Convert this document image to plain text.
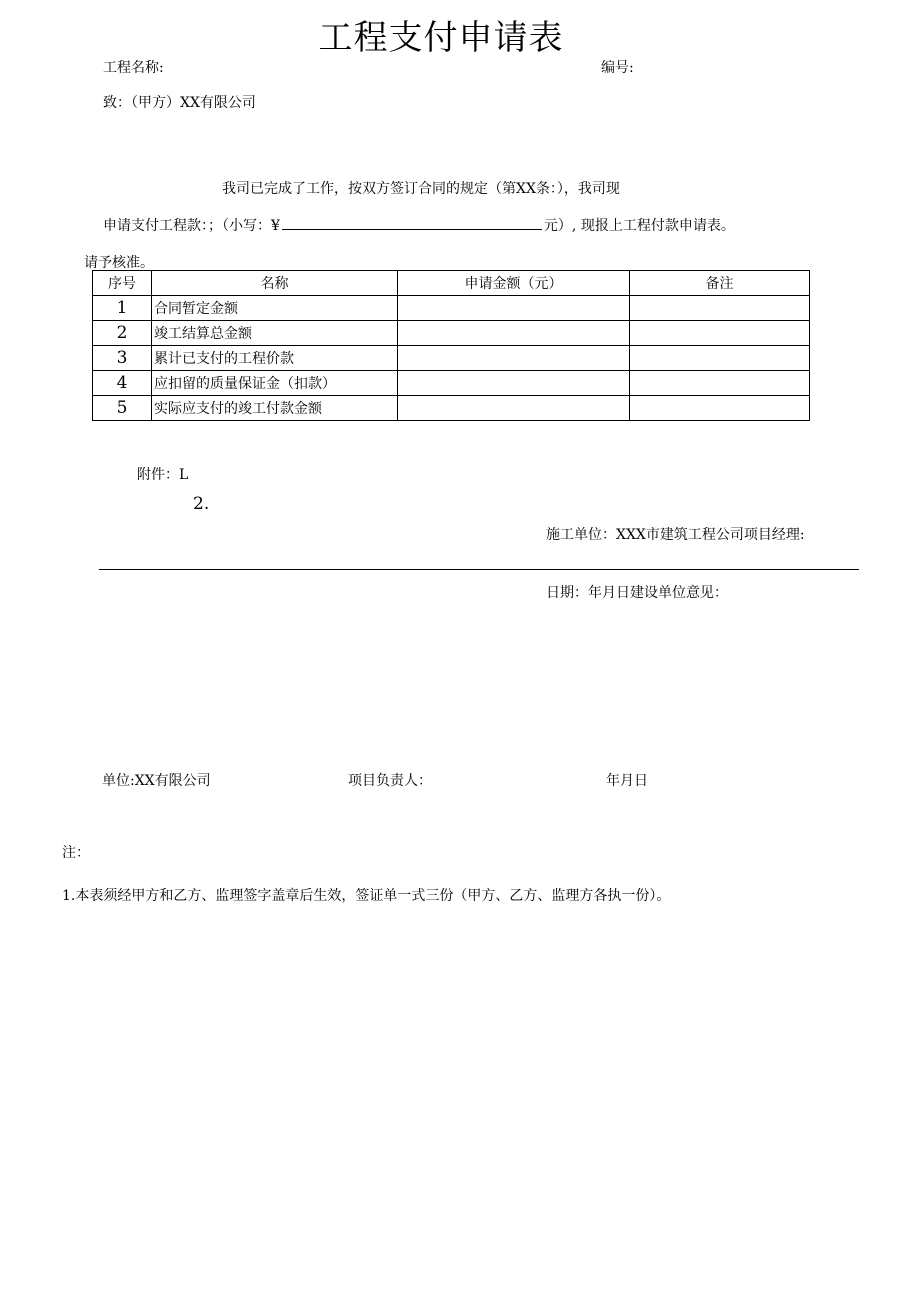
工程支付申请表
工程名称:	编号:
致：（甲方）XX有限公司
我司已完成了工作，按双方签订合同的规定（第XX条：），我司现
申请支付工程款：；（小写：¥	元）, 现报上工程付款申请表。
请予核准。
序号	名称	申请金额（元）	备注
1	合同暂定金额		
2	竣工结算总金额		
3	累计已支付的工程价款		
4	应扣留的质量保证金（扣款）		
5	实际应支付的竣工付款金额		
附件：L
2.
施工单位：XXX市建筑工程公司项目经理:
日期：年月日建设单位意见：
单位:XX有限公司	项目负责人：	年月日
注：
1.本表须经甲方和乙方、监理签字盖章后生效，签证单一式三份（甲方、乙方、监理方各执一份）。
